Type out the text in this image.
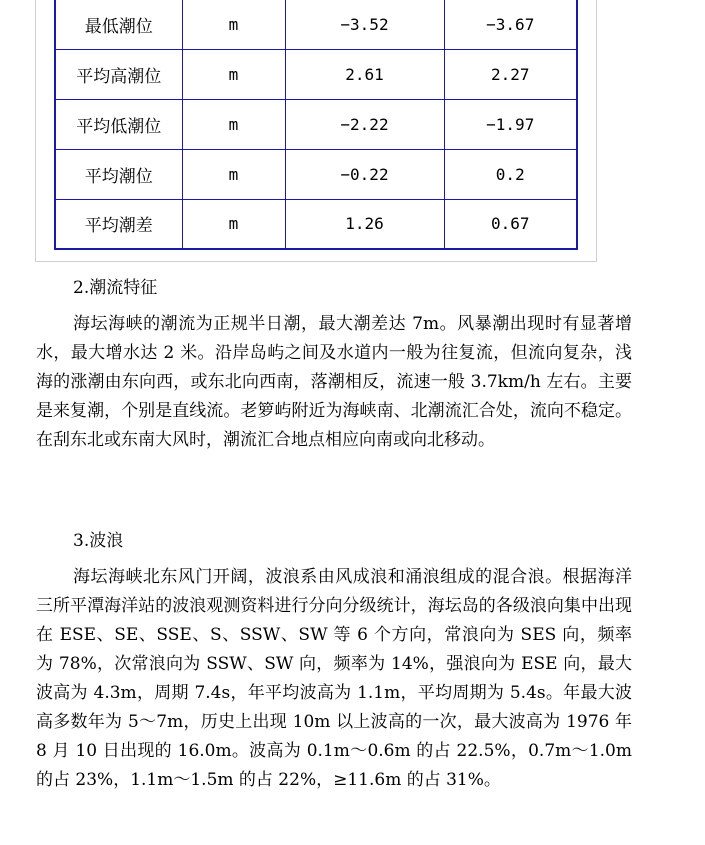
最低潮位	m	−3.52	−3.67
平均高潮位	m	2.61	2.27
平均低潮位	m	−2.22	−1.97
平均潮位	m	−0.22	0.2
平均潮差	m	1.26	0.67
2.潮流特征

海坛海峡的潮流为正规半日潮，最大潮差达 7m。风暴潮出现时有显著增水，最大增水达 2 米。沿岸岛屿之间及水道内一般为往复流，但流向复杂，浅海的涨潮由东向西，或东北向西南，落潮相反，流速一般 3.7km/h 左右。主要是来复潮，个别是直线流。老箩屿附近为海峡南、北潮流汇合处，流向不稳定。在刮东北或东南大风时，潮流汇合地点相应向南或向北移动。

3.波浪

海坛海峡北东风门开阔，波浪系由风成浪和涌浪组成的混合浪。根据海洋三所平潭海洋站的波浪观测资料进行分向分级统计，海坛岛的各级浪向集中出现在 ESE、SE、SSE、S、SSW、SW 等 6 个方向，常浪向为 SES 向，频率为 78%，次常浪向为 SSW、SW 向，频率为 14%，强浪向为 ESE 向，最大波高为 4.3m，周期 7.4s，年平均波高为 1.1m，平均周期为 5.4s。年最大波高多数年为 5～7m，历史上出现 10m 以上波高的一次，最大波高为 1976 年 8 月 10 日出现的 16.0m。波高为 0.1m～0.6m 的占 22.5%，0.7m～1.0m 的占 23%，1.1m～1.5m 的占 22%，≥11.6m 的占 31%。
